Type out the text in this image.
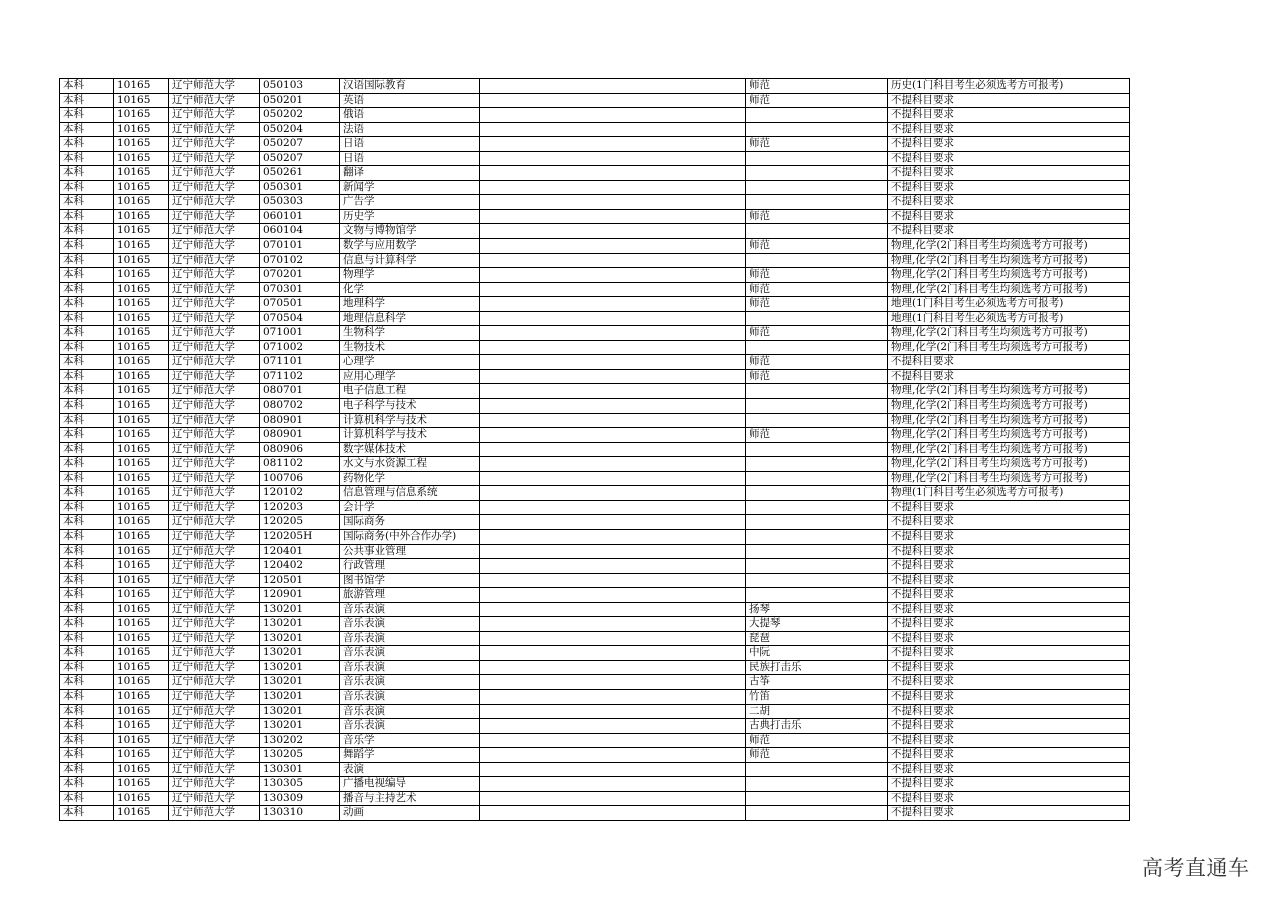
本科	10165	辽宁师范大学	050103	汉语国际教育		师范	历史(1门科目考生必须选考方可报考)
本科	10165	辽宁师范大学	050201	英语		师范	不提科目要求
本科	10165	辽宁师范大学	050202	俄语			不提科目要求
本科	10165	辽宁师范大学	050204	法语			不提科目要求
本科	10165	辽宁师范大学	050207	日语		师范	不提科目要求
本科	10165	辽宁师范大学	050207	日语			不提科目要求
本科	10165	辽宁师范大学	050261	翻译			不提科目要求
本科	10165	辽宁师范大学	050301	新闻学			不提科目要求
本科	10165	辽宁师范大学	050303	广告学			不提科目要求
本科	10165	辽宁师范大学	060101	历史学		师范	不提科目要求
本科	10165	辽宁师范大学	060104	文物与博物馆学			不提科目要求
本科	10165	辽宁师范大学	070101	数学与应用数学		师范	物理,化学(2门科目考生均须选考方可报考)
本科	10165	辽宁师范大学	070102	信息与计算科学			物理,化学(2门科目考生均须选考方可报考)
本科	10165	辽宁师范大学	070201	物理学		师范	物理,化学(2门科目考生均须选考方可报考)
本科	10165	辽宁师范大学	070301	化学		师范	物理,化学(2门科目考生均须选考方可报考)
本科	10165	辽宁师范大学	070501	地理科学		师范	地理(1门科目考生必须选考方可报考)
本科	10165	辽宁师范大学	070504	地理信息科学			地理(1门科目考生必须选考方可报考)
本科	10165	辽宁师范大学	071001	生物科学		师范	物理,化学(2门科目考生均须选考方可报考)
本科	10165	辽宁师范大学	071002	生物技术			物理,化学(2门科目考生均须选考方可报考)
本科	10165	辽宁师范大学	071101	心理学		师范	不提科目要求
本科	10165	辽宁师范大学	071102	应用心理学		师范	不提科目要求
本科	10165	辽宁师范大学	080701	电子信息工程			物理,化学(2门科目考生均须选考方可报考)
本科	10165	辽宁师范大学	080702	电子科学与技术			物理,化学(2门科目考生均须选考方可报考)
本科	10165	辽宁师范大学	080901	计算机科学与技术			物理,化学(2门科目考生均须选考方可报考)
本科	10165	辽宁师范大学	080901	计算机科学与技术		师范	物理,化学(2门科目考生均须选考方可报考)
本科	10165	辽宁师范大学	080906	数字媒体技术			物理,化学(2门科目考生均须选考方可报考)
本科	10165	辽宁师范大学	081102	水文与水资源工程			物理,化学(2门科目考生均须选考方可报考)
本科	10165	辽宁师范大学	100706	药物化学			物理,化学(2门科目考生均须选考方可报考)
本科	10165	辽宁师范大学	120102	信息管理与信息系统			物理(1门科目考生必须选考方可报考)
本科	10165	辽宁师范大学	120203	会计学			不提科目要求
本科	10165	辽宁师范大学	120205	国际商务			不提科目要求
本科	10165	辽宁师范大学	120205H	国际商务(中外合作办学)			不提科目要求
本科	10165	辽宁师范大学	120401	公共事业管理			不提科目要求
本科	10165	辽宁师范大学	120402	行政管理			不提科目要求
本科	10165	辽宁师范大学	120501	图书馆学			不提科目要求
本科	10165	辽宁师范大学	120901	旅游管理			不提科目要求
本科	10165	辽宁师范大学	130201	音乐表演		扬琴	不提科目要求
本科	10165	辽宁师范大学	130201	音乐表演		大提琴	不提科目要求
本科	10165	辽宁师范大学	130201	音乐表演		琵琶	不提科目要求
本科	10165	辽宁师范大学	130201	音乐表演		中阮	不提科目要求
本科	10165	辽宁师范大学	130201	音乐表演		民族打击乐	不提科目要求
本科	10165	辽宁师范大学	130201	音乐表演		古筝	不提科目要求
本科	10165	辽宁师范大学	130201	音乐表演		竹笛	不提科目要求
本科	10165	辽宁师范大学	130201	音乐表演		二胡	不提科目要求
本科	10165	辽宁师范大学	130201	音乐表演		古典打击乐	不提科目要求
本科	10165	辽宁师范大学	130202	音乐学		师范	不提科目要求
本科	10165	辽宁师范大学	130205	舞蹈学		师范	不提科目要求
本科	10165	辽宁师范大学	130301	表演			不提科目要求
本科	10165	辽宁师范大学	130305	广播电视编导			不提科目要求
本科	10165	辽宁师范大学	130309	播音与主持艺术			不提科目要求
本科	10165	辽宁师范大学	130310	动画			不提科目要求
高考直通车
